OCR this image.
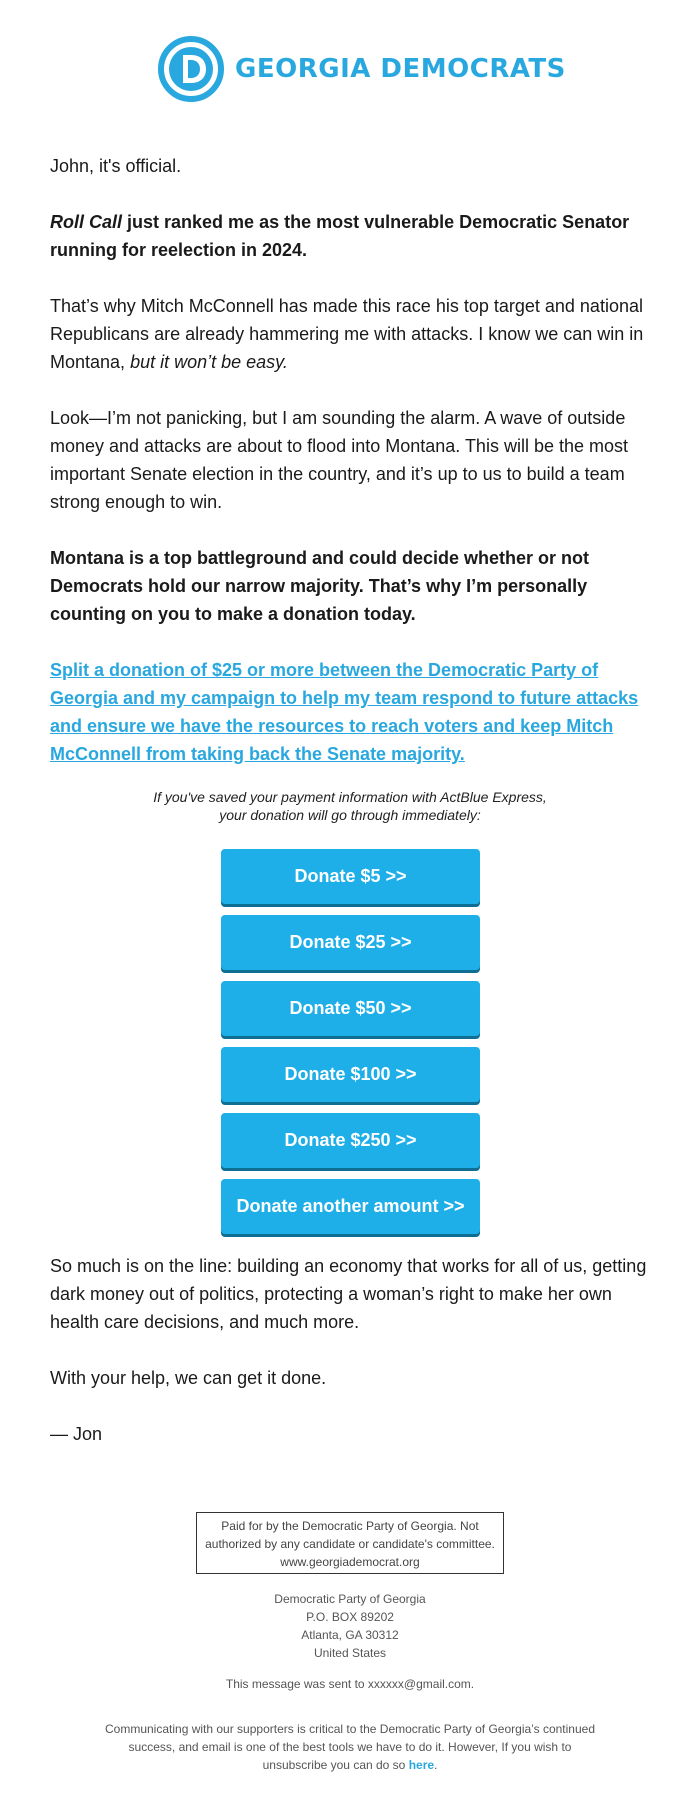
GEORGIA DEMOCRATS

John, it's official.

Roll Call just ranked me as the most vulnerable Democratic Senator running for reelection in 2024.

That’s why Mitch McConnell has made this race his top target and national Republicans are already hammering me with attacks. I know we can win in Montana, but it won’t be easy.

Look—I’m not panicking, but I am sounding the alarm. A wave of outside money and attacks are about to flood into Montana. This will be the most important Senate election in the country, and it’s up to us to build a team strong enough to win.

Montana is a top battleground and could decide whether or not Democrats hold our narrow majority. That’s why I’m personally counting on you to make a donation today.

Split a donation of $25 or more between the Democratic Party of Georgia and my campaign to help my team respond to future attacks and ensure we have the resources to reach voters and keep Mitch McConnell from taking back the Senate majority.

If you've saved your payment information with ActBlue Express,
your donation will go through immediately:
Donate $5 >>
Donate $25 >>
Donate $50 >>
Donate $100 >>
Donate $250 >>
Donate another amount >>

So much is on the line: building an economy that works for all of us, getting dark money out of politics, protecting a woman’s right to make her own health care decisions, and much more.

With your help, we can get it done.

— Jon

Paid for by the Democratic Party of Georgia. Not
authorized by any candidate or candidate's committee.
www.georgiademocrat.org
Democratic Party of Georgia
P.O. BOX 89202
Atlanta, GA 30312
United States
This message was sent to xxxxxx@gmail.com.
Communicating with our supporters is critical to the Democratic Party of Georgia’s continued success, and email is one of the best tools we have to do it. However, If you wish to unsubscribe you can do so here.
